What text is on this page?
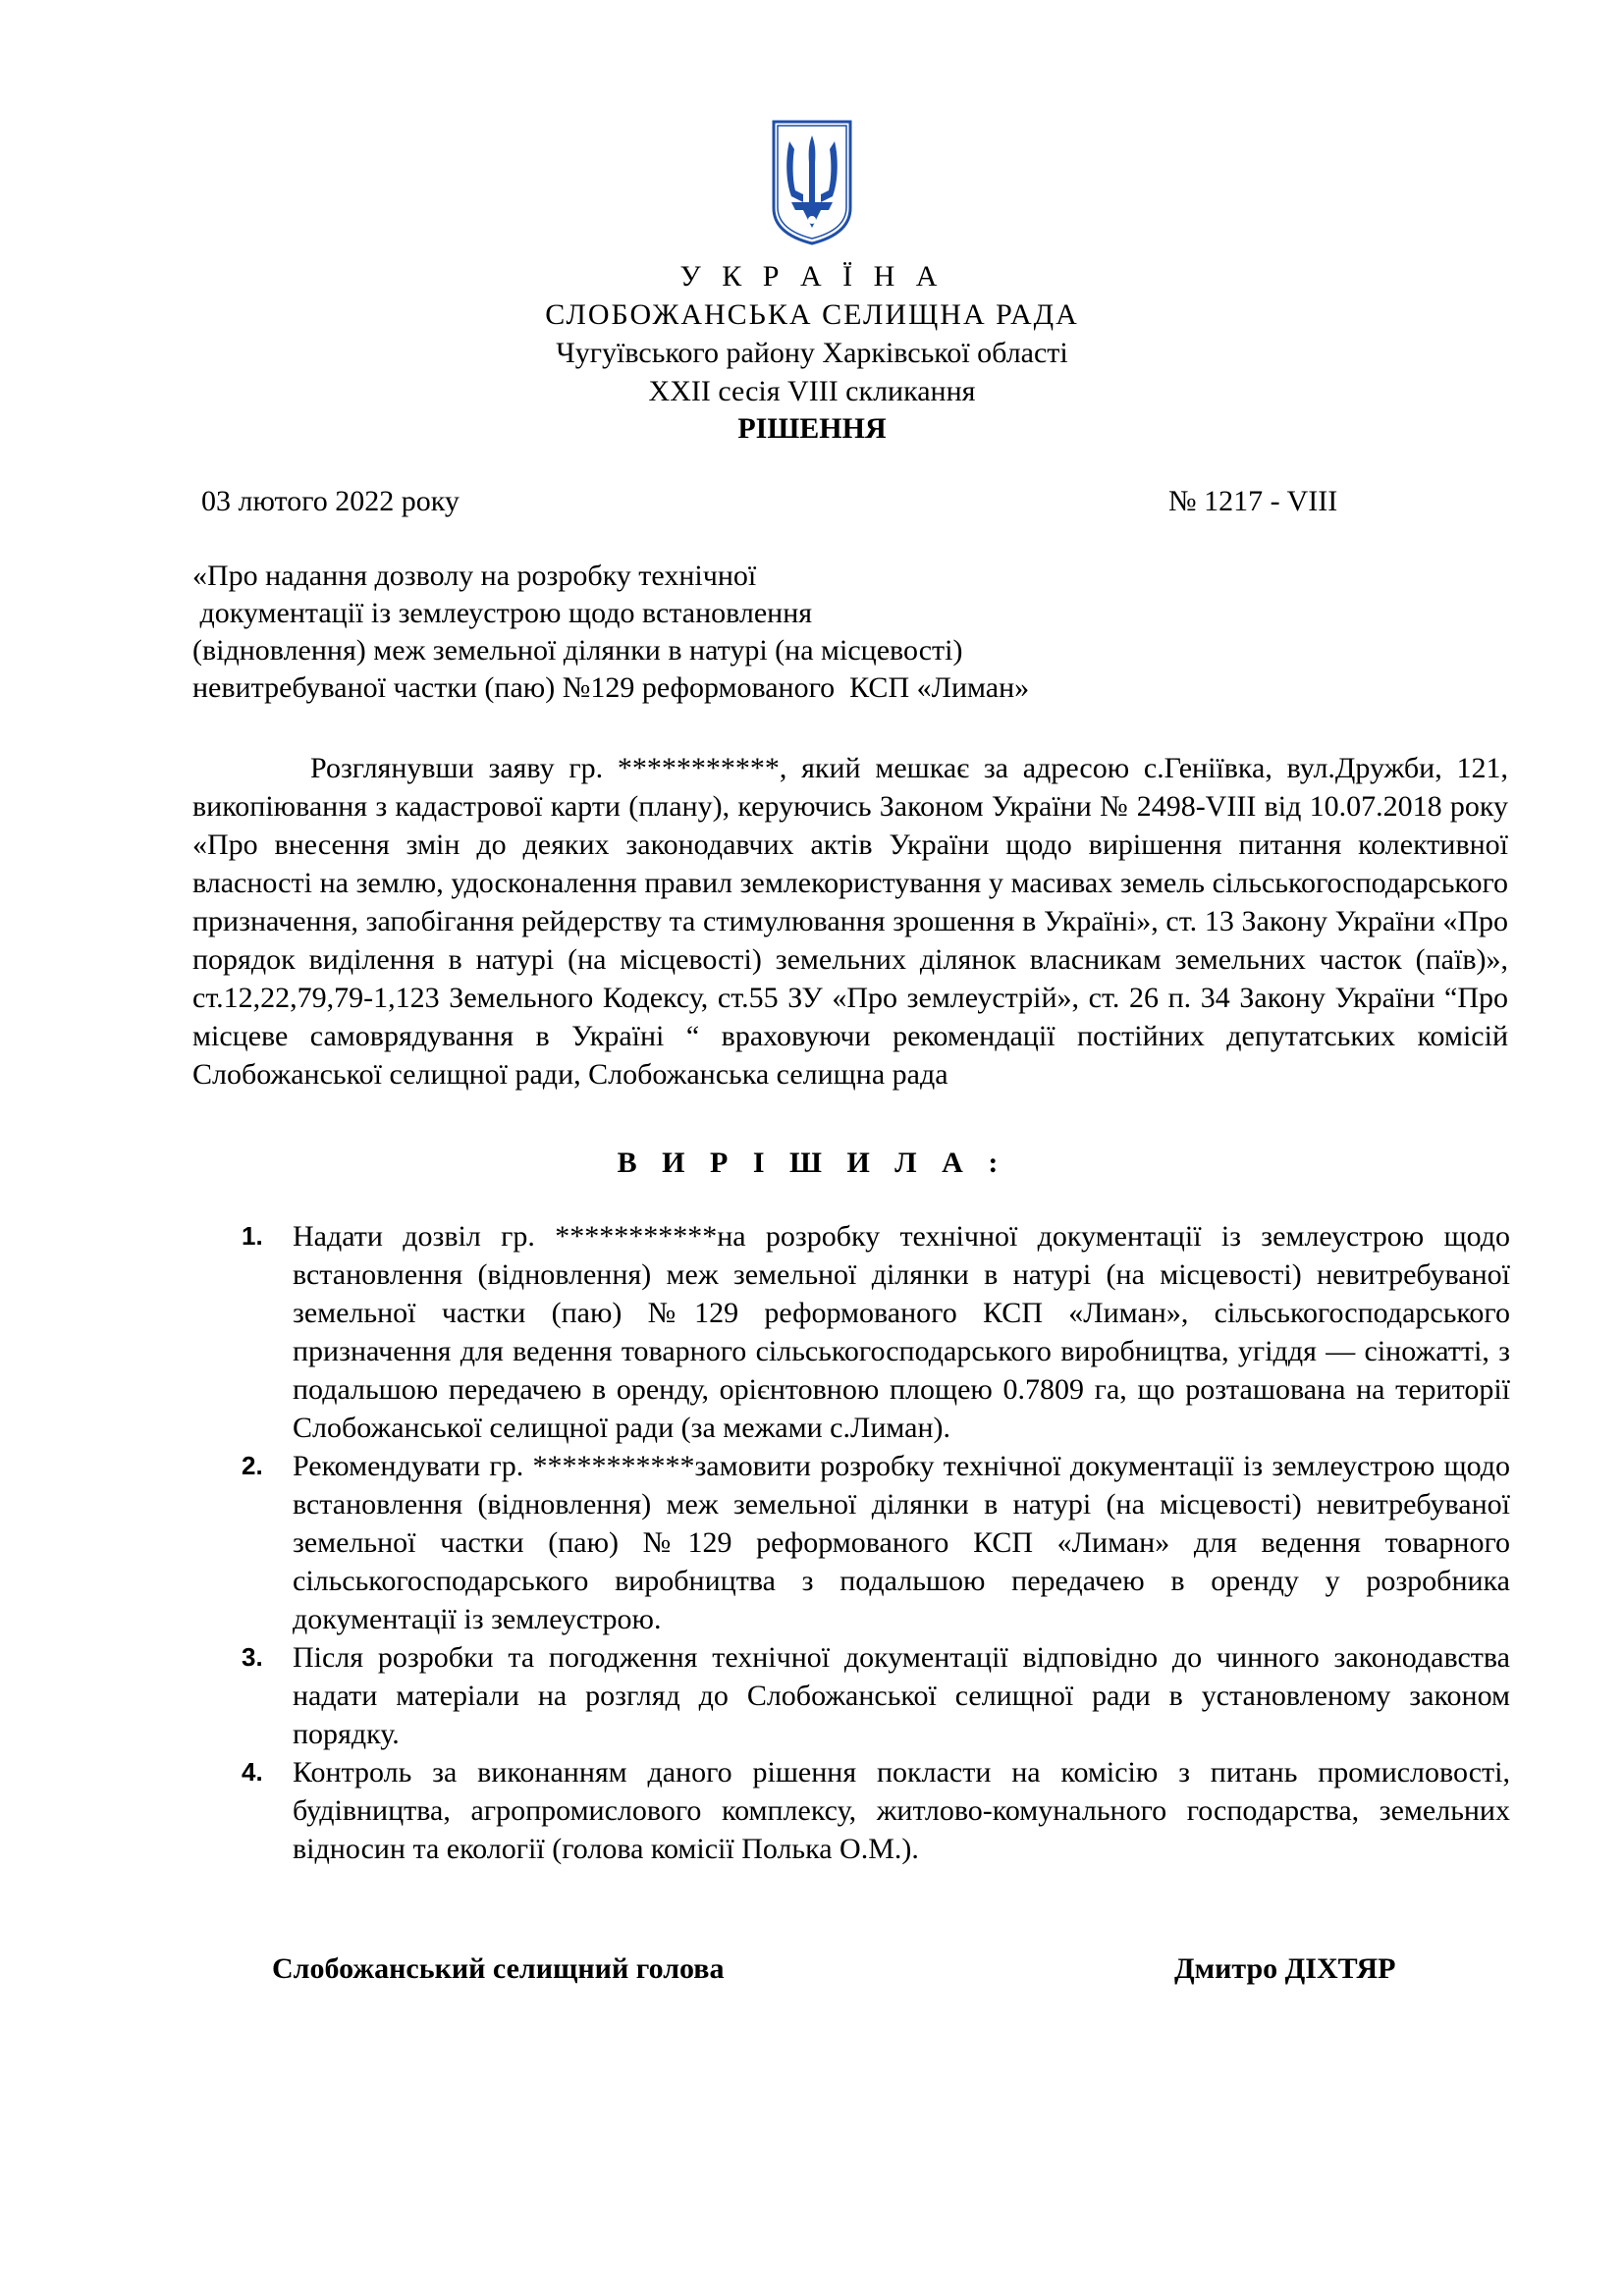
У К Р А Ї Н А
СЛОБОЖАНСЬКА СЕЛИЩНА РАДА
Чугуївського району Харківської області
XXІІ сесія VІІІ скликання
РІШЕННЯ
03 лютого 2022 року	№ 1217 - VІІІ
«Про надання дозволу на розробку технічної
документації із землеустрою щодо встановлення
(відновлення) меж земельної ділянки в натурі (на місцевості)
невитребуваної частки (паю) №129 реформованого  КСП «Лиман»
Розглянувши заяву гр. ***********, який мешкає за адресою с.Геніївка, вул.Дружби, 121, викопіювання з кадастрової карти (плану), керуючись Законом України № 2498-VIII від 10.07.2018 року «Про внесення змін до деяких законодавчих актів України щодо вирішення питання колективної власності на землю, удосконалення правил землекористування у масивах земель сільськогосподарського призначення, запобігання рейдерству та стимулювання зрошення в Україні», ст. 13 Закону України «Про порядок виділення в натурі (на місцевості) земельних ділянок власникам земельних часток (паїв)», ст.12,22,79,79-1,123 Земельного Кодексу, ст.55 ЗУ «Про землеустрій», ст. 26 п. 34 Закону України “Про місцеве самоврядування в Україні “ враховуючи рекомендації постійних депутатських комісій Слобожанської селищної ради, Слобожанська селищна рада
В И Р І Ш И Л А :
1. Надати дозвіл гр. ***********на розробку технічної документації із землеустрою щодо встановлення (відновлення) меж земельної ділянки в натурі (на місцевості) невитребуваної земельної частки (паю) №129 реформованого КСП «Лиман», сільськогосподарського призначення для ведення товарного сільськогосподарського виробництва, угіддя — сіножатті, з подальшою передачею в оренду, орієнтовною площею 0.7809 га, що розташована на території Слобожанської селищної ради (за межами с.Лиман).
2. Рекомендувати гр. ***********замовити розробку технічної документації із землеустрою щодо встановлення (відновлення) меж земельної ділянки в натурі (на місцевості) невитребуваної земельної частки (паю) №129 реформованого КСП «Лиман» для ведення товарного сільськогосподарського виробництва з подальшою передачею в оренду у розробника документації із землеустрою.
3. Після розробки та погодження технічної документації відповідно до чинного законодавства надати матеріали на розгляд до Слобожанської селищної ради в установленому законом порядку.
4. Контроль за виконанням даного рішення покласти на комісію з питань промисловості, будівництва, агропромислового комплексу, житлово-комунального господарства, земельних відносин та екології (голова комісії Полька О.М.).
Слобожанський селищний голова	Дмитро ДІХТЯР
